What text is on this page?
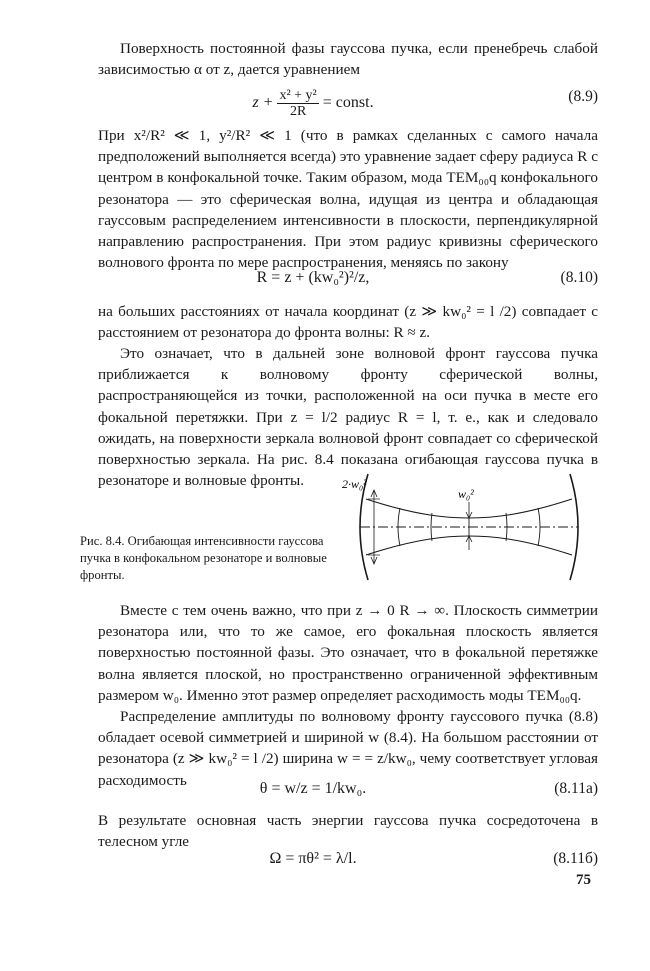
Поверхность постоянной фазы гауссова пучка, если пренебречь слабой зависимостью α от z, дается уравнением

$z + \frac{\text{x² + y²}}{2R}$ = const.	(8.9)

При x²/R² ≪ 1, y²/R² ≪ 1 (что в рамках сделанных с самого начала предположений выполняется всегда) это уравнение задает сферу радиуса R с центром в конфокальной точке. Таким образом, мода TEM₀₀q конфокального резонатора — это сферическая волна, идущая из центра и обладающая гауссовым распределением интенсивности в плоскости, перпендикулярной направлению распространения. При этом радиус кривизны сферического волнового фронта по мере распространения, меняясь по закону

R = z + (kw₀²)²/z,	(8.10)

на больших расстояниях от начала координат (z ≫ kw₀² = l /2) совпадает с расстоянием от резонатора до фронта волны: R ≈ z.

Это означает, что в дальней зоне волновой фронт гауссова пучка приближается к волновому фронту сферической волны, распространяющейся из точки, расположенной на оси пучка в месте его фокальной перетяжки. При z = l/2 радиус R = l, т. е., как и следовало ожидать, на поверхности зеркала волновой фронт совпадает со сферической поверхностью зеркала. На рис. 8.4 показана огибающая гауссова пучка в резонаторе и волновые фронты.	2·w₀²
w₀²

Рис. 8.4. Огибающая интенсивности гауссова пучка в конфокальном резонаторе и волновые фронты.

Вместе с тем очень важно, что при z → 0 R → ∞. Плоскость симметрии резонатора или, что то же самое, его фокальная плоскость является поверхностью постоянной фазы. Это означает, что в фокальной перетяжке волна является плоской, но пространственно ограниченной эффективным размером w₀. Именно этот размер определяет расходимость моды TEM₀₀q.

Распределение амплитуды по волновому фронту гауссового пучка (8.8) обладает осевой симметрией и шириной w (8.4). На большом расстоянии от резонатора (z ≫ kw₀² = l /2) ширина w = = z/kw₀, чему соответствует угловая расходимость	θ = w/z = 1/kw₀.	(8.11а)

В результате основная часть энергии гауссова пучка сосредоточена в телесном угле

Ω = πθ² = λ/l.	(8.11б)
75
